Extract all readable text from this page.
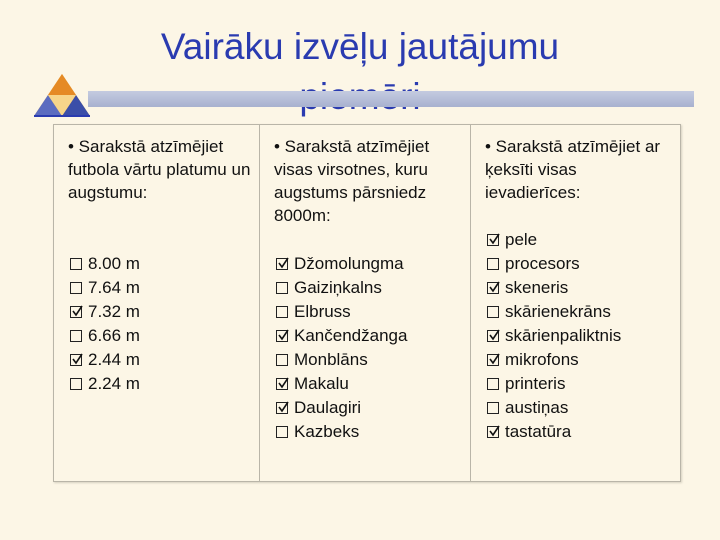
Vairāku izvēļu jautājumu
• Sarakstā atzīmējiet futbola vārtu platumu un augstumu:
8.00 m
7.64 m
7.32 m
6.66 m
2.44 m
2.24 m
• Sarakstā atzīmējiet visas virsotnes, kuru augstums pārsniedz 8000m:
Džomolungma
Gaiziņkalns
Elbruss
Kančendžanga
Monblāns
Makalu
Daulagiri
Kazbeks
• Sarakstā atzīmējiet ar ķeksīti visas ievadierīces:
pele
procesors
skeneris
skārienekrāns
skārienpaliktnis
mikrofons
printeris
austiņas
tastatūra
